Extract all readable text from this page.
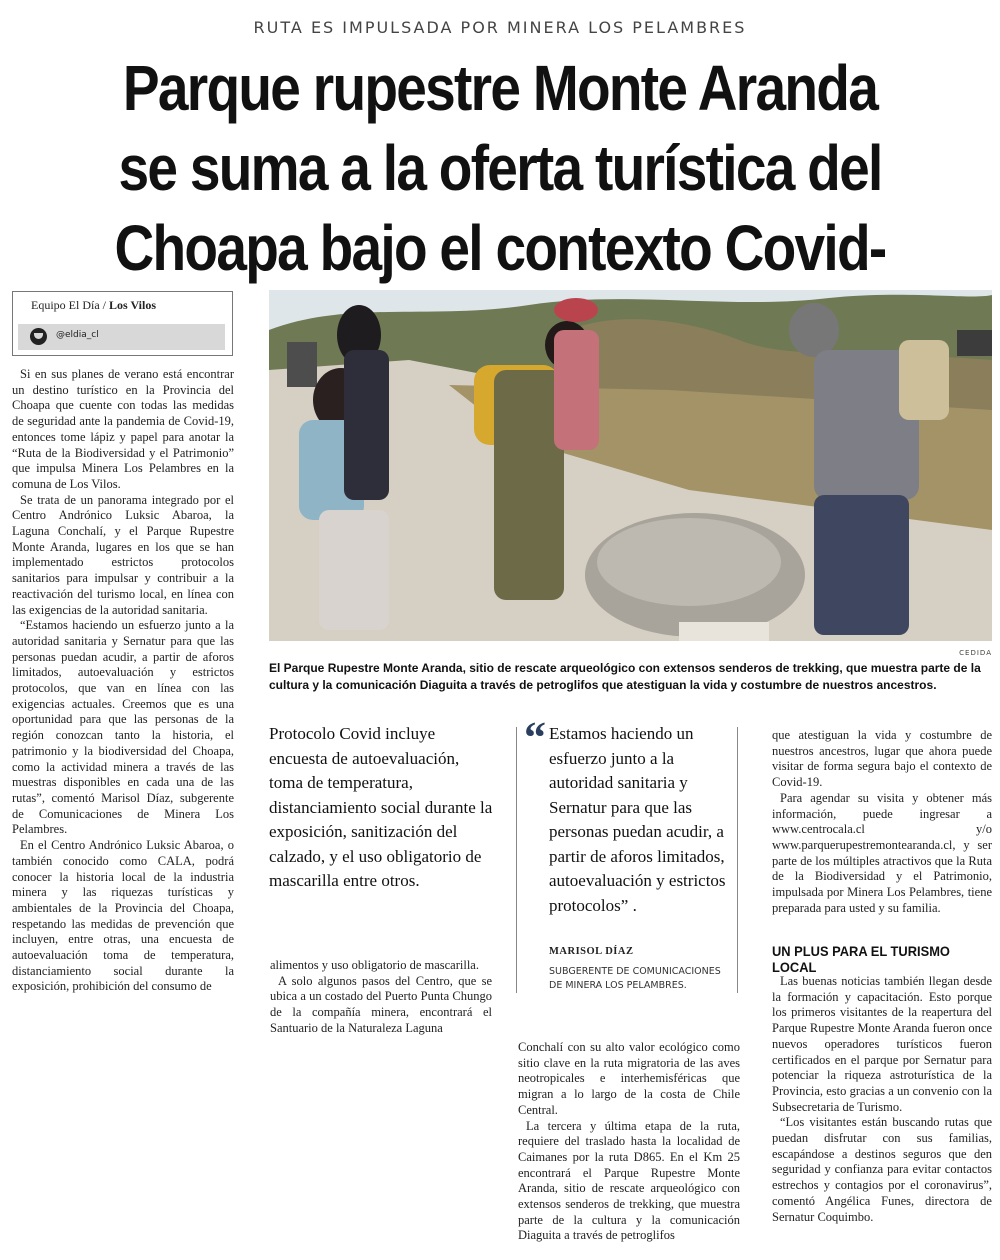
RUTA ES IMPULSADA POR MINERA LOS PELAMBRES
Parque rupestre Monte Aranda
se suma a la oferta turística del
Choapa bajo el contexto Covid-
Equipo El Día / Los Vilos
@eldia_cl

Si en sus planes de verano está encontrar un destino turístico en la Provincia del Choapa que cuente con todas las medidas de seguridad ante la pandemia de Covid-19, entonces tome lápiz y papel para anotar la “Ruta de la Biodiversidad y el Patrimonio” que impulsa Minera Los Pelambres en la comuna de Los Vilos.

Se trata de un panorama integrado por el Centro Andrónico Luksic Abaroa, la Laguna Conchalí, y el Parque Rupestre Monte Aranda, lugares en los que se han implementado estrictos protocolos sanitarios para impulsar y contribuir a la reactivación del turismo local, en línea con las exigencias de la autoridad sanitaria.

“Estamos haciendo un esfuerzo junto a la autoridad sanitaria y Sernatur para que las personas puedan acudir, a partir de aforos limitados, autoevaluación y estrictos protocolos, que van en línea con las exigencias actuales. Creemos que es una oportunidad para que las personas de la región conozcan tanto la historia, el patrimonio y la biodiversidad del Choapa, como la actividad minera a través de las muestras disponibles en cada una de las rutas”, comentó Marisol Díaz, subgerente de Comunicaciones de Minera Los Pelambres.

En el Centro Andrónico Luksic Abaroa, o también conocido como CALA, podrá conocer la historia local de la industria minera y las riquezas turísticas y ambientales de la Provincia del Choapa, respetando las medidas de prevención que incluyen, entre otras, una encuesta de autoevaluación toma de temperatura, distanciamiento social durante la exposición, prohibición del consumo de

CEDIDA
El Parque Rupestre Monte Aranda, sitio de rescate arqueológico con extensos senderos de trekking, que muestra parte de la cultura y la comunicación Diaguita a través de petroglifos que atestiguan la vida y costumbre de nuestros ancestros.
Protocolo Covid incluye encuesta de autoevaluación, toma de temperatura, distanciamiento social durante la exposición, sanitización del calzado, y el uso obligatorio de mascarilla entre otros.

alimentos y uso obligatorio de mascarilla.

A solo algunos pasos del Centro, que se ubica a un costado del Puerto Punta Chungo de la compañía minera, encontrará el Santuario de la Naturaleza Laguna

“ Estamos haciendo un esfuerzo junto a la autoridad sanitaria y Sernatur para que las personas puedan acudir, a partir de aforos limitados, autoevaluación y estrictos protocolos” .
MARISOL DÍAZ
SUBGERENTE DE COMUNICACIONES DE MINERA LOS PELAMBRES.

Conchalí con su alto valor ecológico como sitio clave en la ruta migratoria de las aves neotropicales e interhemisféricas que migran a lo largo de la costa de Chile Central.

La tercera y última etapa de la ruta, requiere del traslado hasta la localidad de Caimanes por la ruta D865. En el Km 25 encontrará el Parque Rupestre Monte Aranda, sitio de rescate arqueológico con extensos senderos de trekking, que muestra parte de la cultura y la comunicación Diaguita a través de petroglifos

que atestiguan la vida y costumbre de nuestros ancestros, lugar que ahora puede visitar de forma segura bajo el contexto de Covid-19.

Para agendar su visita y obtener más información, puede ingresar a www.centrocala.cl y/o www.parquerupestremontearanda.cl, y ser parte de los múltiples atractivos que la Ruta de la Biodiversidad y el Patrimonio, impulsada por Minera Los Pelambres, tiene preparada para usted y su familia.

UN PLUS PARA EL TURISMO LOCAL

Las buenas noticias también llegan desde la formación y capacitación. Esto porque los primeros visitantes de la reapertura del Parque Rupestre Monte Aranda fueron once nuevos operadores turísticos fueron certificados en el parque por Sernatur para potenciar la riqueza astroturística de la Provincia, esto gracias a un convenio con la Subsecretaria de Turismo.

“Los visitantes están buscando rutas que puedan disfrutar con sus familias, escapándose a destinos seguros que den seguridad y confianza para evitar contactos estrechos y contagios por el coronavirus”, comentó Angélica Funes, directora de Sernatur Coquimbo.
